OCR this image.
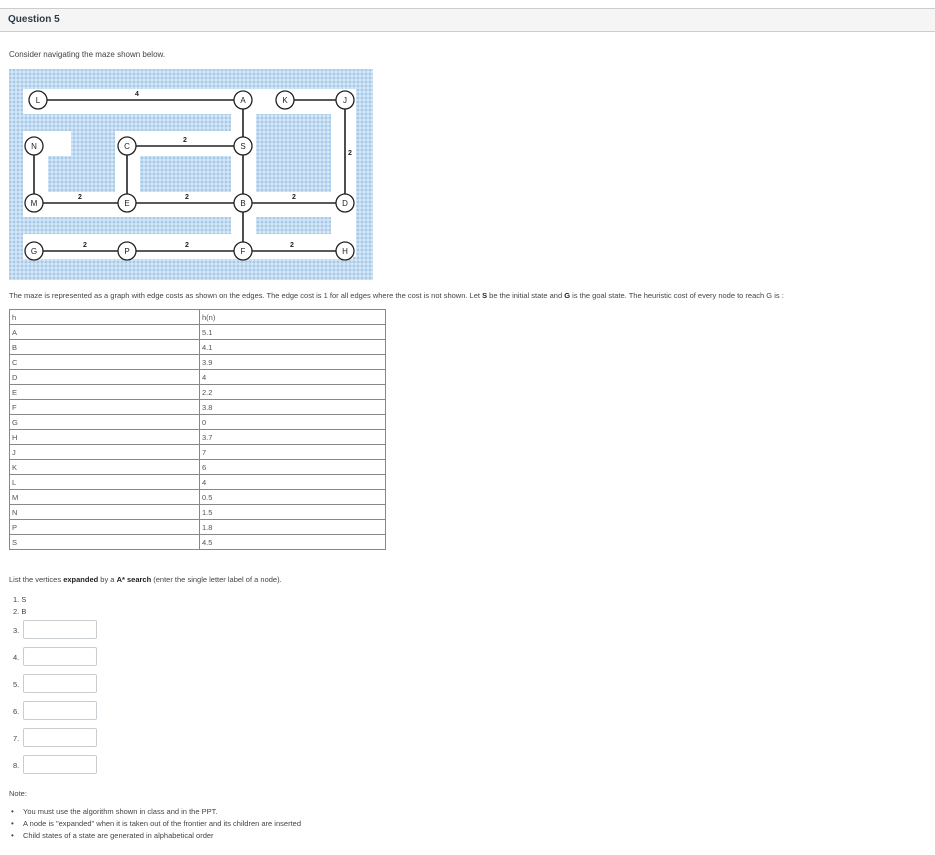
Question 5
Consider navigating the maze shown below.
4
2
2
2	2	2
2	2	2
L	A	K	J
N	C	S
M	E	B	D
G	P	F	H
The maze is represented as a graph with edge costs as shown on the edges. The edge cost is 1 for all edges where the cost is not shown. Let S be the initial state and G is the goal state. The heuristic cost of every node to reach G is :
h	h(n)
A	5.1
B	4.1
C	3.9
D	4
E	2.2
F	3.8
G	0
H	3.7
J	7
K	6
L	4
M	0.5
N	1.5
P	1.8
S	4.5
List the vertices expanded by a A* search (enter the single letter label of a node).
1. S
2. B
3.
4.
5.
6.
7.
8.
Note:
• You must use the algorithm shown in class and in the PPT.
• A node is "expanded" when it is taken out of the frontier and its children are inserted
• Child states of a state are generated in alphabetical order
